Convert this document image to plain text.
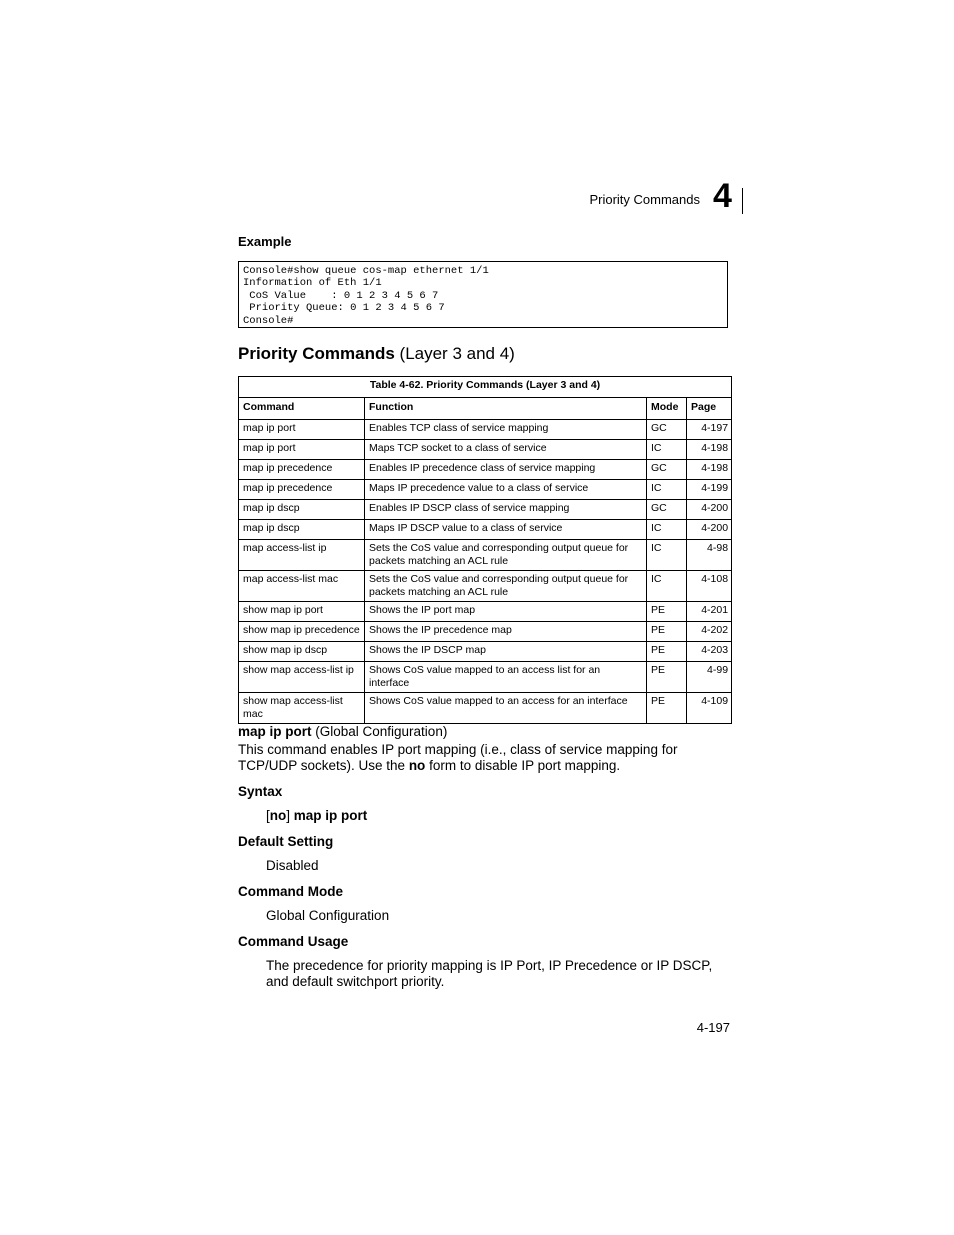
Priority Commands 4
Example
Console#show queue cos-map ethernet 1/1
Information of Eth 1/1
CoS Value    : 0 1 2 3 4 5 6 7
Priority Queue: 0 1 2 3 4 5 6 7
Console#
Priority Commands (Layer 3 and 4)
Table 4-62. Priority Commands (Layer 3 and 4)			
Command	Function	Mode	Page
map ip port	Enables TCP class of service mapping	GC	4-197
map ip port	Maps TCP socket to a class of service	IC	4-198
map ip precedence	Enables IP precedence class of service mapping	GC	4-198
map ip precedence	Maps IP precedence value to a class of service	IC	4-199
map ip dscp	Enables IP DSCP class of service mapping	GC	4-200
map ip dscp	Maps IP DSCP value to a class of service	IC	4-200
map access-list ip	Sets the CoS value and corresponding output queue for packets matching an ACL rule	IC	4-98
map access-list mac	Sets the CoS value and corresponding output queue for packets matching an ACL rule	IC	4-108
show map ip port	Shows the IP port map	PE	4-201
show map ip precedence	Shows the IP precedence map	PE	4-202
show map ip dscp	Shows the IP DSCP map	PE	4-203
show map access-list ip	Shows CoS value mapped to an access list for an interface	PE	4-99
show map access-list mac	Shows CoS value mapped to an access for an interface	PE	4-109
map ip port (Global Configuration)
This command enables IP port mapping (i.e., class of service mapping for TCP/UDP sockets). Use the no form to disable IP port mapping.
Syntax
[no] map ip port
Default Setting
Disabled
Command Mode
Global Configuration
Command Usage
The precedence for priority mapping is IP Port, IP Precedence or IP DSCP, and default switchport priority.
4-197
